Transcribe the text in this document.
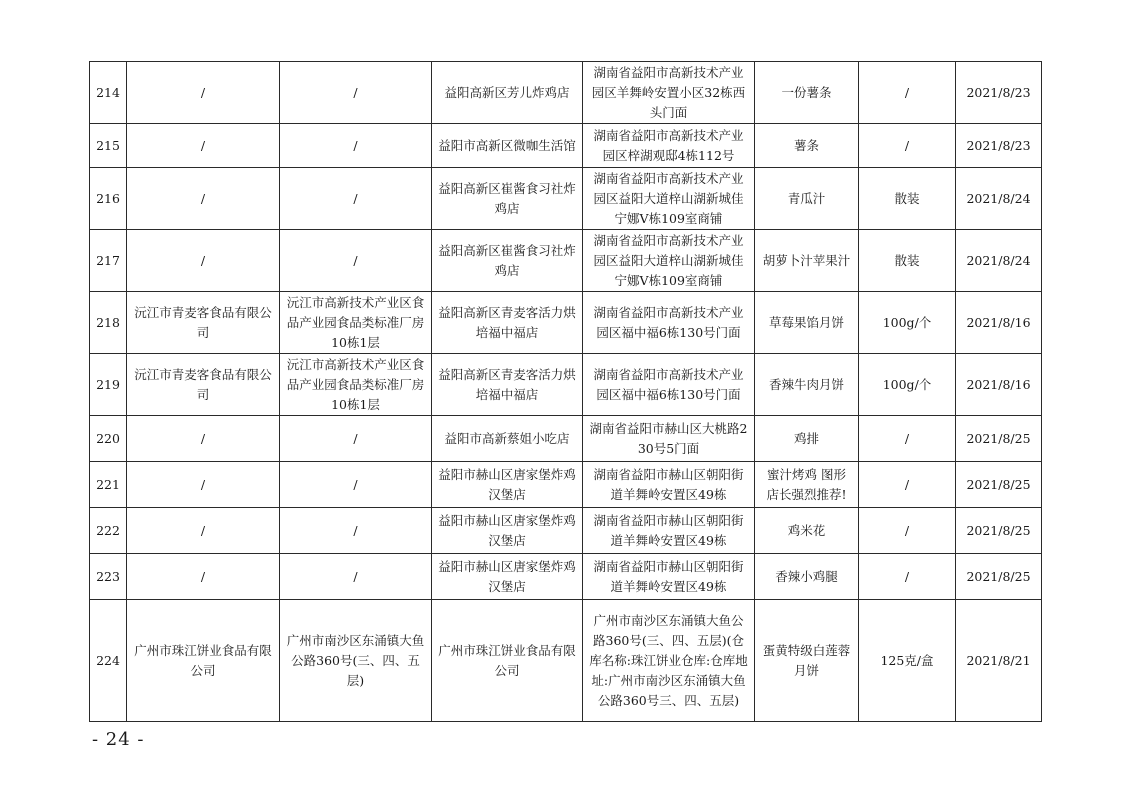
214	/	/	益阳高新区芳儿炸鸡店	湖南省益阳市高新技术产业园区羊舞岭安置小区32栋西头门面	一份薯条	/	2021/8/23
215	/	/	益阳市高新区微咖生活馆	湖南省益阳市高新技术产业园区梓湖观邸4栋112号	薯条	/	2021/8/23
216	/	/	益阳高新区崔酱食习社炸鸡店	湖南省益阳市高新技术产业园区益阳大道梓山湖新城佳宁娜V栋109室商铺	青瓜汁	散装	2021/8/24
217	/	/	益阳高新区崔酱食习社炸鸡店	湖南省益阳市高新技术产业园区益阳大道梓山湖新城佳宁娜V栋109室商铺	胡萝卜汁苹果汁	散装	2021/8/24
218	沅江市青麦客食品有限公司	沅江市高新技术产业区食品产业园食品类标准厂房10栋1层	益阳高新区青麦客活力烘培福中福店	湖南省益阳市高新技术产业园区福中福6栋130号门面	草莓果馅月饼	100g/个	2021/8/16
219	沅江市青麦客食品有限公司	沅江市高新技术产业区食品产业园食品类标准厂房10栋1层	益阳高新区青麦客活力烘培福中福店	湖南省益阳市高新技术产业园区福中福6栋130号门面	香辣牛肉月饼	100g/个	2021/8/16
220	/	/	益阳市高新蔡姐小吃店	湖南省益阳市赫山区大桃路230号5门面	鸡排	/	2021/8/25
221	/	/	益阳市赫山区唐家堡炸鸡汉堡店	湖南省益阳市赫山区朝阳街道羊舞岭安置区49栋	蜜汁烤鸡 图形店长强烈推荐!	/	2021/8/25
222	/	/	益阳市赫山区唐家堡炸鸡汉堡店	湖南省益阳市赫山区朝阳街道羊舞岭安置区49栋	鸡米花	/	2021/8/25
223	/	/	益阳市赫山区唐家堡炸鸡汉堡店	湖南省益阳市赫山区朝阳街道羊舞岭安置区49栋	香辣小鸡腿	/	2021/8/25
224	广州市珠江饼业食品有限公司	广州市南沙区东涌镇大鱼公路360号(三、四、五层)	广州市珠江饼业食品有限公司	广州市南沙区东涌镇大鱼公路360号(三、四、五层)(仓库名称:珠江饼业仓库:仓库地址:广州市南沙区东涌镇大鱼公路360号三、四、五层)	蛋黄特级白莲蓉月饼	125克/盒	2021/8/21
- 24 -
